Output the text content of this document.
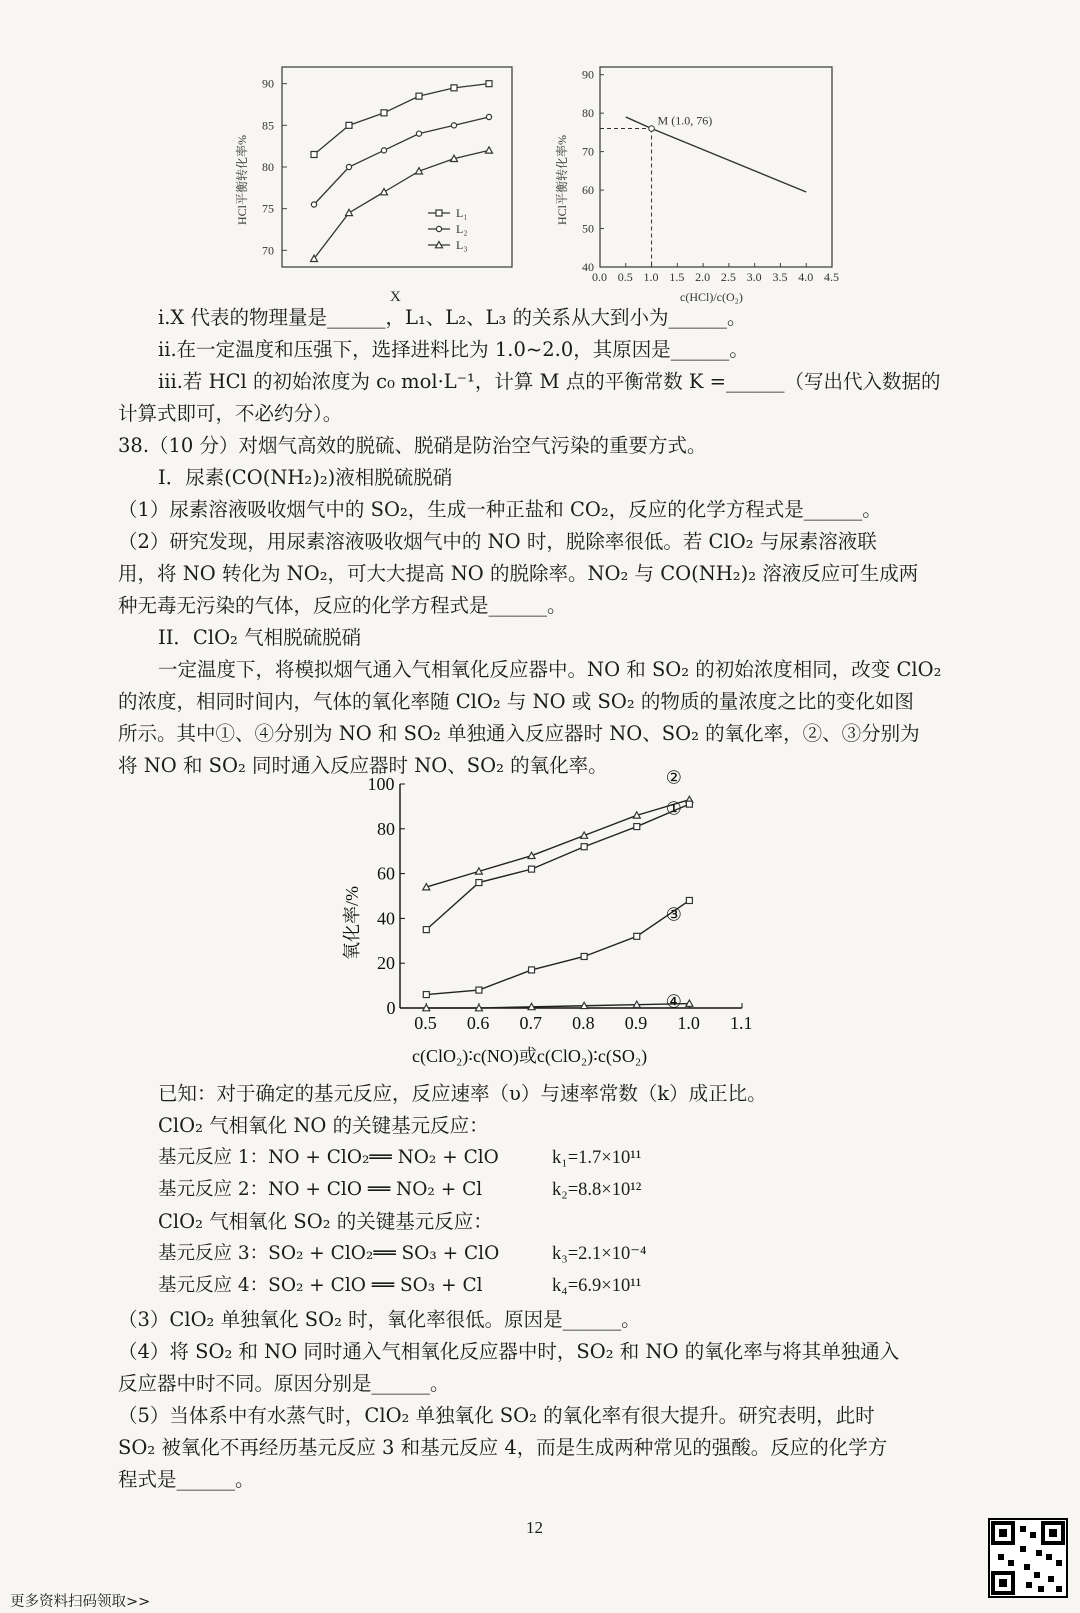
90
85
80
75
70
L₁
L₂
L₃
HCl平衡转化率%
X
0.0 0.5 1.0 1.5 2.0 2.5 3.0 3.5 4.0 4.5
90
80
70
60
50
40
M (1.0, 76)
HCl平衡转化率%
c(HCl)/c(O₂)
i.X 代表的物理量是______，L₁、L₂、L₃ 的关系从大到小为______。
ii.在一定温度和压强下，选择进料比为 1.0~2.0，其原因是______。
iii.若 HCl 的初始浓度为 c₀ mol·L⁻¹，计算 M 点的平衡常数 K =______（写出代入数据的
计算式即可，不必约分）。
38.（10 分）对烟气高效的脱硫、脱硝是防治空气污染的重要方式。
I．尿素(CO(NH₂)₂)液相脱硫脱硝
（1）尿素溶液吸收烟气中的 SO₂，生成一种正盐和 CO₂，反应的化学方程式是______。
（2）研究发现，用尿素溶液吸收烟气中的 NO 时，脱除率很低。若 ClO₂ 与尿素溶液联
用，将 NO 转化为 NO₂，可大大提高 NO 的脱除率。NO₂ 与 CO(NH₂)₂ 溶液反应可生成两
种无毒无污染的气体，反应的化学方程式是______。
II．ClO₂ 气相脱硫脱硝
一定温度下，将模拟烟气通入气相氧化反应器中。NO 和 SO₂ 的初始浓度相同，改变 ClO₂
的浓度，相同时间内，气体的氧化率随 ClO₂ 与 NO 或 SO₂ 的物质的量浓度之比的变化如图
所示。其中①、④分别为 NO 和 SO₂ 单独通入反应器时 NO、SO₂ 的氧化率，②、③分别为
将 NO 和 SO₂ 同时通入反应器时 NO、SO₂ 的氧化率。
100
80
60
40
20
0
0.5 0.6 0.7 0.8 0.9 1.0 1.1
①
②
③
④
氧化率/%
c(ClO₂)∶c(NO)或c(ClO₂)∶c(SO₂)
已知：对于确定的基元反应，反应速率（υ）与速率常数（k）成正比。
ClO₂ 气相氧化 NO 的关键基元反应：
基元反应 1：NO + ClO₂══ NO₂ + ClO	k₁=1.7×10¹¹
基元反应 2：NO + ClO ══ NO₂ + Cl	k₂=8.8×10¹²
ClO₂ 气相氧化 SO₂ 的关键基元反应：
基元反应 3：SO₂ + ClO₂══ SO₃ + ClO	k₃=2.1×10⁻⁴
基元反应 4：SO₂ + ClO ══ SO₃ + Cl	k₄=6.9×10¹¹
（3）ClO₂ 单独氧化 SO₂ 时，氧化率很低。原因是______。
（4）将 SO₂ 和 NO 同时通入气相氧化反应器中时，SO₂ 和 NO 的氧化率与将其单独通入
反应器中时不同。原因分别是______。
（5）当体系中有水蒸气时，ClO₂ 单独氧化 SO₂ 的氧化率有很大提升。研究表明，此时
SO₂ 被氧化不再经历基元反应 3 和基元反应 4，而是生成两种常见的强酸。反应的化学方
程式是______。
12
更多资料扫码领取>>
